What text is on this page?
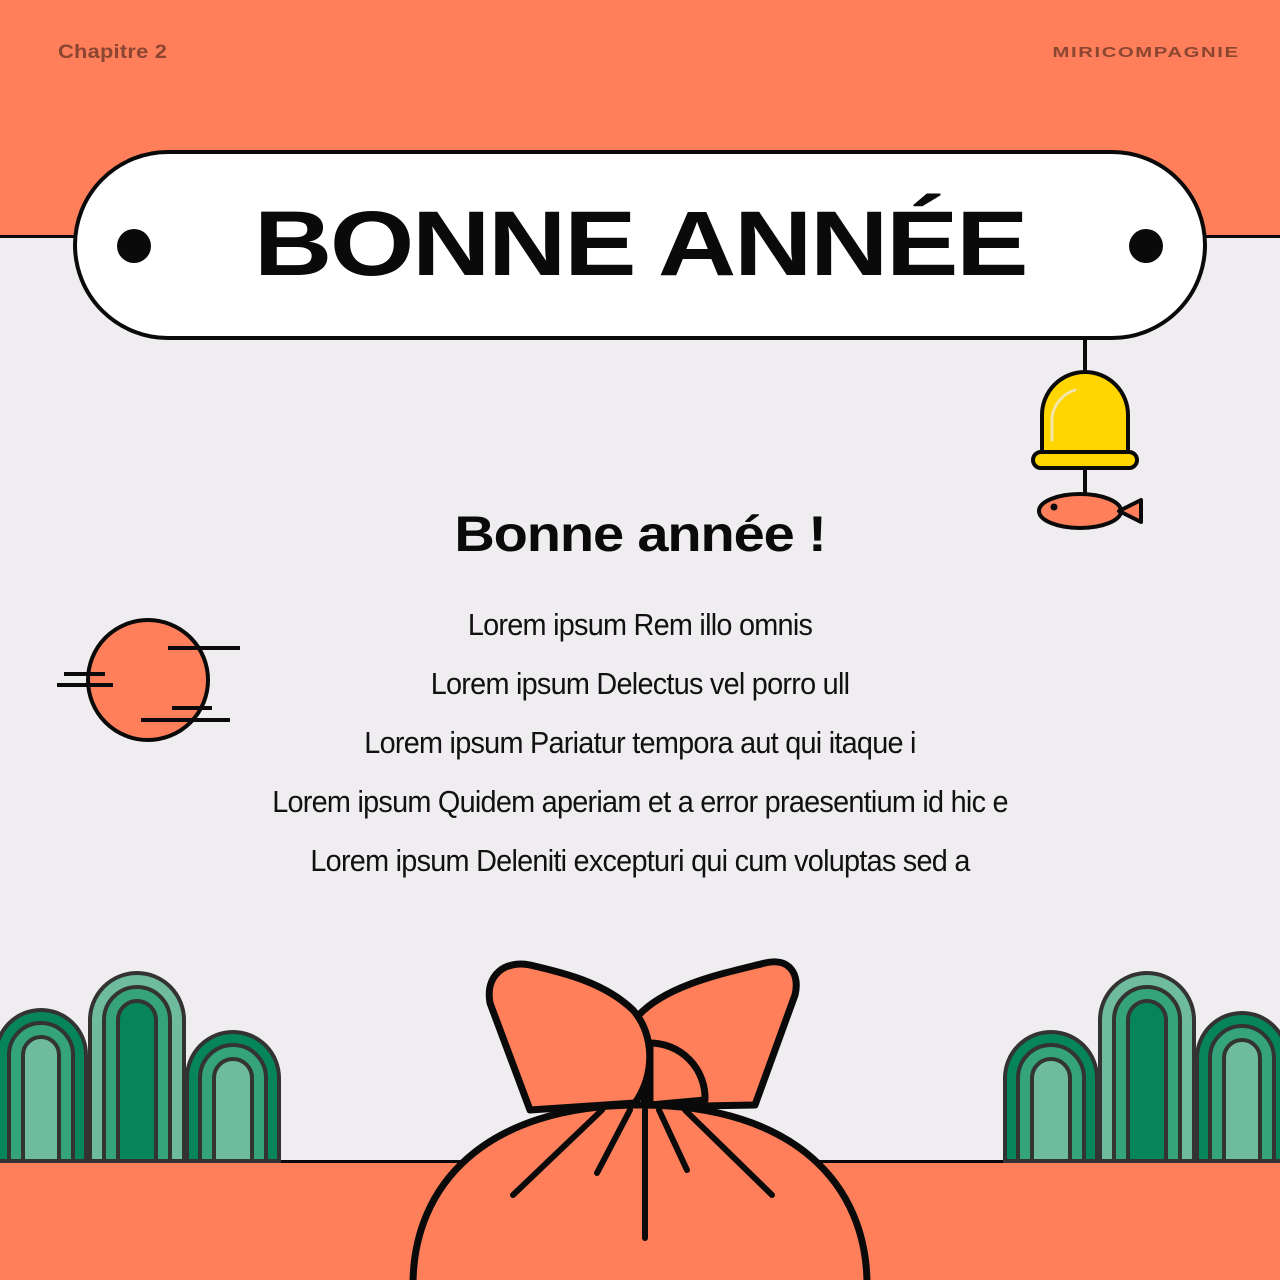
Chapitre 2	MIRICOMPAGNIE
BONNE ANNÉE
Bonne année !
Lorem ipsum Rem illo omnis
Lorem ipsum Delectus vel porro ull
Lorem ipsum Pariatur tempora aut qui itaque i
Lorem ipsum Quidem aperiam et a error praesentium id hic e
Lorem ipsum Deleniti excepturi qui cum voluptas sed a
